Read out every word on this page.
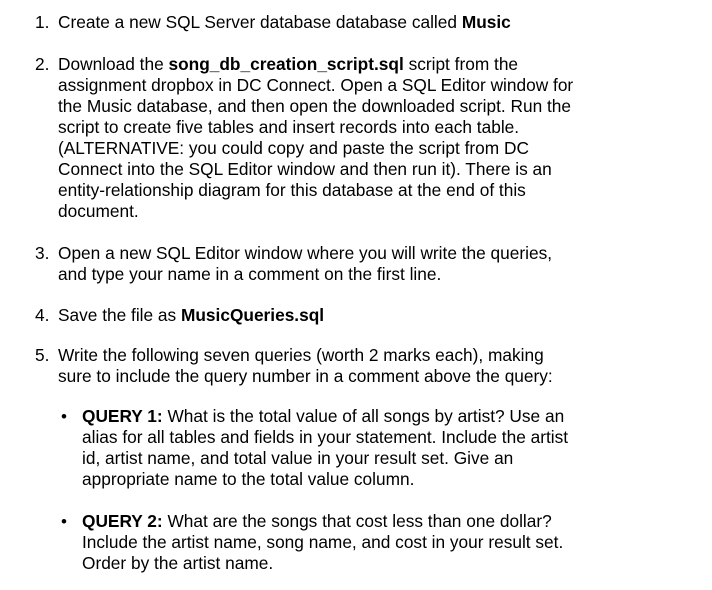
1. Create a new SQL Server database database called Music
2. Download the song_db_creation_script.sql script from the
assignment dropbox in DC Connect. Open a SQL Editor window for
the Music database, and then open the downloaded script. Run the
script to create five tables and insert records into each table.
(ALTERNATIVE: you could copy and paste the script from DC
Connect into the SQL Editor window and then run it). There is an
entity-relationship diagram for this database at the end of this
document.
3. Open a new SQL Editor window where you will write the queries,
and type your name in a comment on the first line.
4. Save the file as MusicQueries.sql
5. Write the following seven queries (worth 2 marks each), making
sure to include the query number in a comment above the query:
• QUERY 1: What is the total value of all songs by artist? Use an
alias for all tables and fields in your statement. Include the artist
id, artist name, and total value in your result set. Give an
appropriate name to the total value column.
• QUERY 2: What are the songs that cost less than one dollar?
Include the artist name, song name, and cost in your result set.
Order by the artist name.
